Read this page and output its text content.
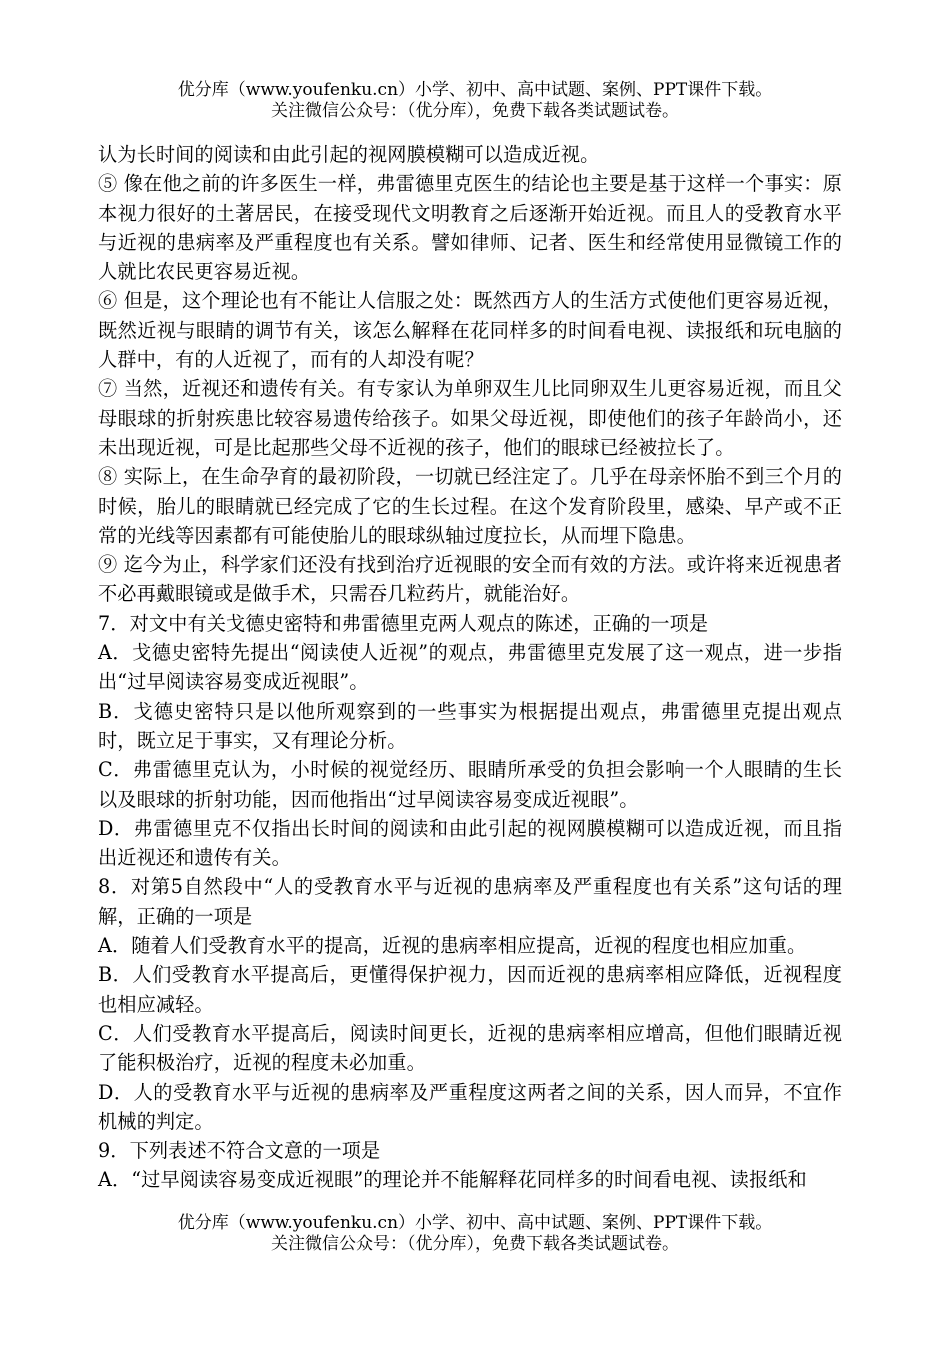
优分库（www.youfenku.cn）小学、初中、高中试题、案例、PPT课件下载。
关注微信公众号：（优分库），免费下载各类试题试卷。

认为长时间的阅读和由此引起的视网膜模糊可以造成近视。

⑤ 像在他之前的许多医生一样，弗雷德里克医生的结论也主要是基于这样一个事实：原本视力很好的土著居民，在接受现代文明教育之后逐渐开始近视。而且人的受教育水平与近视的患病率及严重程度也有关系。譬如律师、记者、医生和经常使用显微镜工作的人就比农民更容易近视。

⑥ 但是，这个理论也有不能让人信服之处：既然西方人的生活方式使他们更容易近视，既然近视与眼睛的调节有关，该怎么解释在花同样多的时间看电视、读报纸和玩电脑的人群中，有的人近视了，而有的人却没有呢？

⑦ 当然，近视还和遗传有关。有专家认为单卵双生儿比同卵双生儿更容易近视，而且父母眼球的折射疾患比较容易遗传给孩子。如果父母近视，即使他们的孩子年龄尚小，还未出现近视，可是比起那些父母不近视的孩子，他们的眼球已经被拉长了。

⑧ 实际上，在生命孕育的最初阶段，一切就已经注定了。几乎在母亲怀胎不到三个月的时候，胎儿的眼睛就已经完成了它的生长过程。在这个发育阶段里，感染、早产或不正常的光线等因素都有可能使胎儿的眼球纵轴过度拉长，从而埋下隐患。

⑨ 迄今为止，科学家们还没有找到治疗近视眼的安全而有效的方法。或许将来近视患者不必再戴眼镜或是做手术，只需吞几粒药片，就能治好。

7．对文中有关戈德史密特和弗雷德里克两人观点的陈述，正确的一项是

A．戈德史密特先提出“阅读使人近视”的观点，弗雷德里克发展了这一观点，进一步指出“过早阅读容易变成近视眼”。

B．戈德史密特只是以他所观察到的一些事实为根据提出观点，弗雷德里克提出观点时，既立足于事实，又有理论分析。

C．弗雷德里克认为，小时候的视觉经历、眼睛所承受的负担会影响一个人眼睛的生长以及眼球的折射功能，因而他指出“过早阅读容易变成近视眼”。

D．弗雷德里克不仅指出长时间的阅读和由此引起的视网膜模糊可以造成近视，而且指出近视还和遗传有关。

8．对第5自然段中“人的受教育水平与近视的患病率及严重程度也有关系”这句话的理解，正确的一项是

A．随着人们受教育水平的提高，近视的患病率相应提高，近视的程度也相应加重。

B．人们受教育水平提高后，更懂得保护视力，因而近视的患病率相应降低，近视程度也相应减轻。

C．人们受教育水平提高后，阅读时间更长，近视的患病率相应增高，但他们眼睛近视了能积极治疗，近视的程度未必加重。

D．人的受教育水平与近视的患病率及严重程度这两者之间的关系，因人而异，不宜作机械的判定。

9．下列表述不符合文意的一项是

A．“过早阅读容易变成近视眼”的理论并不能解释花同样多的时间看电视、读报纸和

优分库（www.youfenku.cn）小学、初中、高中试题、案例、PPT课件下载。
关注微信公众号：（优分库），免费下载各类试题试卷。
